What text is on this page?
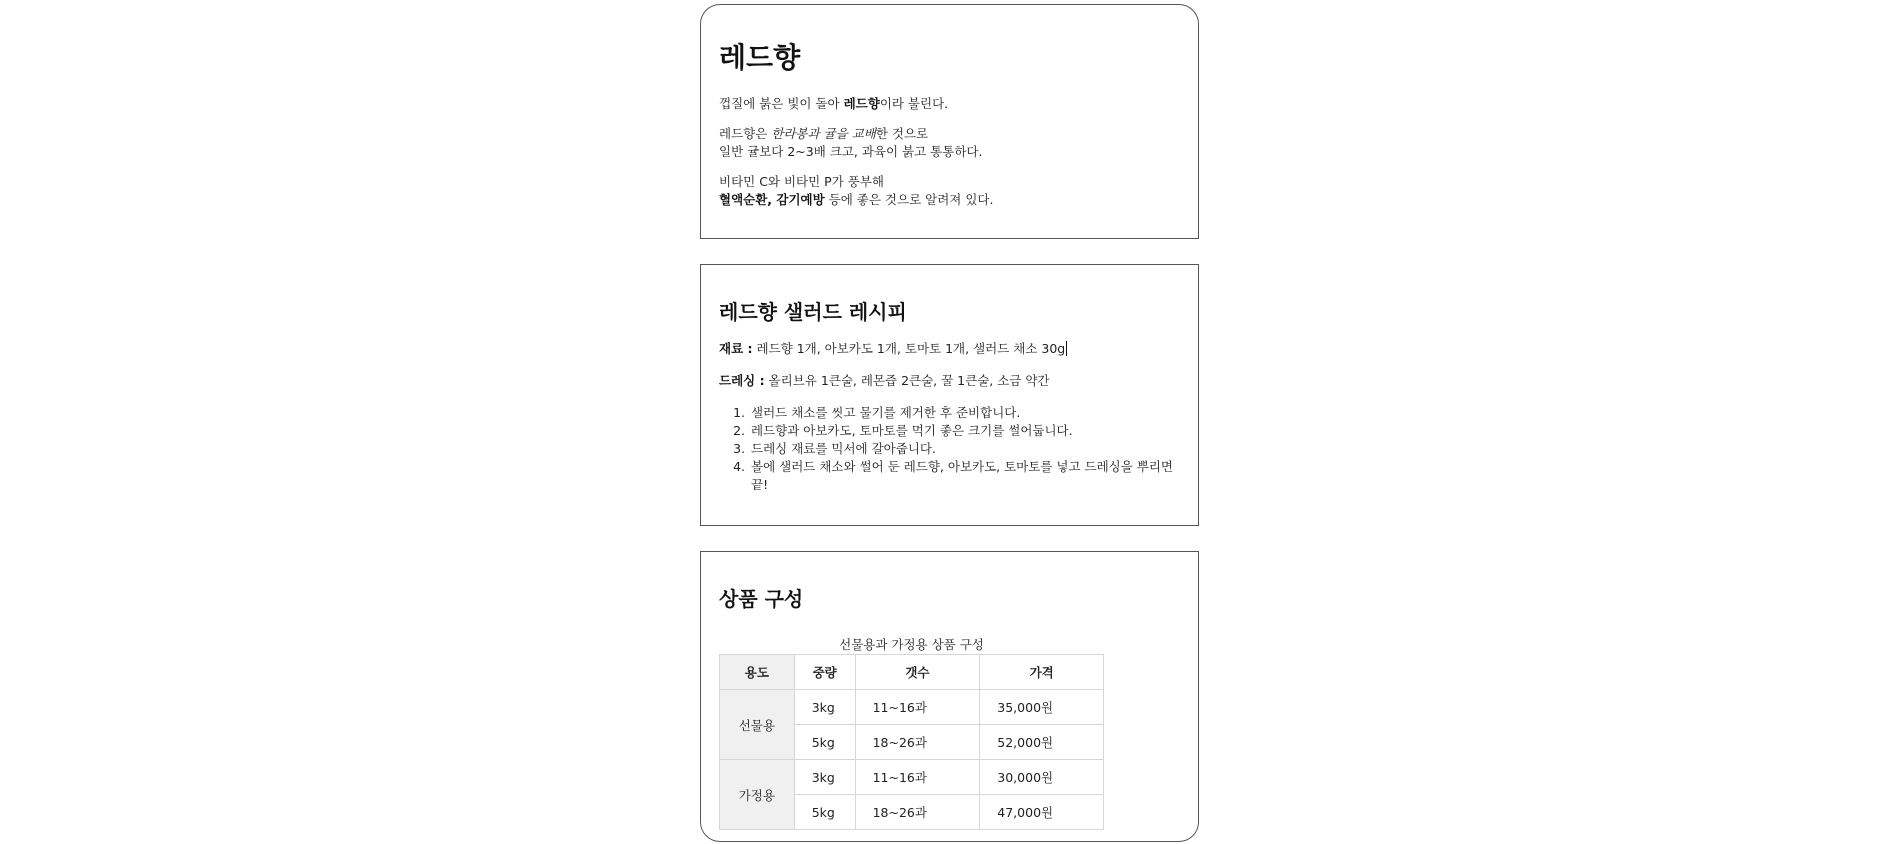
레드향

껍질에 붉은 빛이 돌아 레드향이라 불린다.

레드향은 한라봉과 귤을 교배한 것으로
일반 귤보다 2~3배 크고, 과육이 붉고 통통하다.

비타민 C와 비타민 P가 풍부해
혈액순환, 감기예방 등에 좋은 것으로 알려져 있다.

레드향 샐러드 레시피

재료 : 레드향 1개, 아보카도 1개, 토마토 1개, 샐러드 채소 30g

드레싱 : 올리브유 1큰술, 레몬즙 2큰술, 꿀 1큰술, 소금 약간

1. 샐러드 채소를 씻고 물기를 제거한 후 준비합니다.
2. 레드향과 아보카도, 토마토를 먹기 좋은 크기를 썰어둡니다.
3. 드레싱 재료를 믹서에 갈아줍니다.
4. 볼에 샐러드 채소와 썰어 둔 레드향, 아보카도, 토마토를 넣고 드레싱을 뿌리면 끝!
상품 구성
선물용과 가정용 상품 구성
용도	중량	갯수	가격
선물용	3kg	11~16과	35,000원
	5kg	18~26과	52,000원
가정용	3kg	11~16과	30,000원
	5kg	18~26과	47,000원
